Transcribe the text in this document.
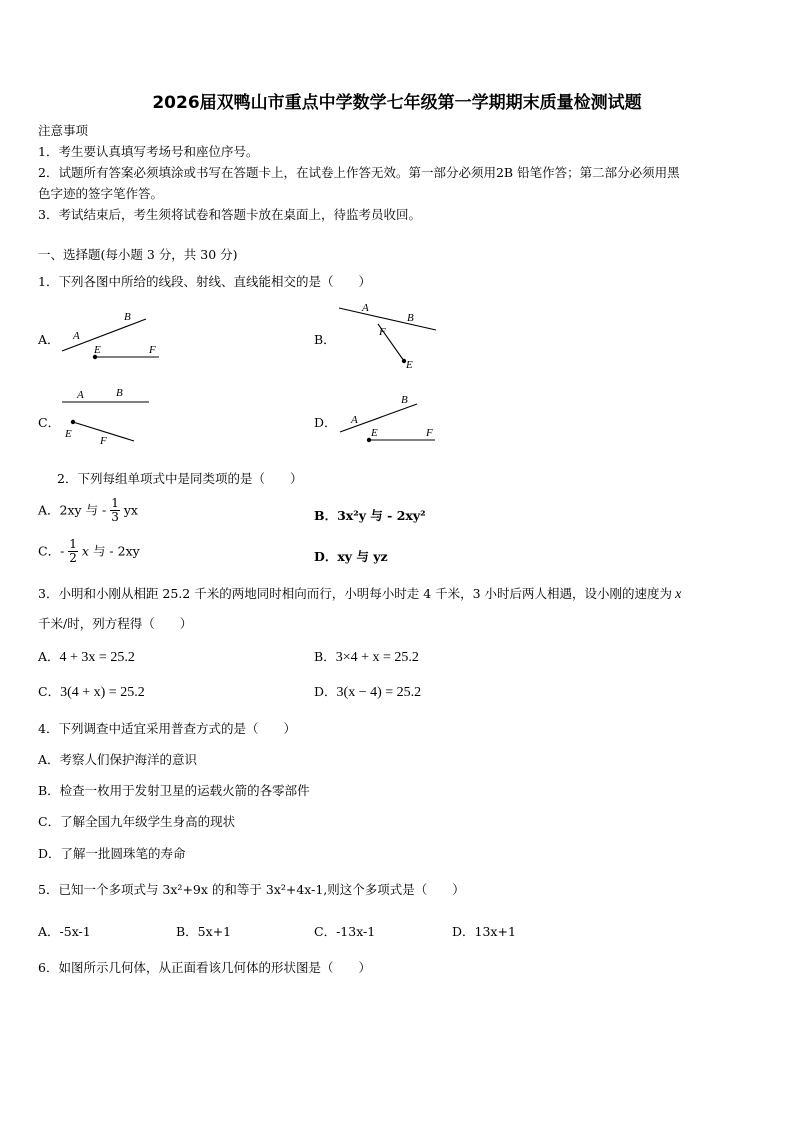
2026届双鸭山市重点中学数学七年级第一学期期末质量检测试题
注意事项
1．考生要认真填写考场号和座位序号。
2．试题所有答案必须填涂或书写在答题卡上，在试卷上作答无效。第一部分必须用2B 铅笔作答；第二部分必须用黑
色字迹的签字笔作答。
3．考试结束后，考生须将试卷和答题卡放在桌面上，待监考员收回。
一、选择题(每小题 3 分，共 30 分)
1．下列各图中所给的线段、射线、直线能相交的是（　　）
A． A
B
E	F
B．
A
B
F
E
C．
A	B
E
F
D． A
B
E	F
2．下列每组单项式中是同类项的是（　　）
A．2xy 与 - $\frac{1}{3}$ yx	B．3x²y 与 - 2xy²
C．- $\frac{1}{2}$ x 与 - 2xy	D．xy 与 yz
3．小明和小刚从相距 25.2 千米的两地同时相向而行，小明每小时走 4 千米，3 小时后两人相遇，设小刚的速度为 x
千米/时，列方程得（　　）
A．4 + 3x = 25.2	B．3×4 + x = 25.2
C．3(4 + x) = 25.2	D．3(x − 4) = 25.2
4．下列调查中适宜采用普查方式的是（　　）
A．考察人们保护海洋的意识
B．检查一枚用于发射卫星的运载火箭的各零部件
C．了解全国九年级学生身高的现状
D．了解一批圆珠笔的寿命
5．已知一个多项式与 3x²+9x 的和等于 3x²+4x-1,则这个多项式是（　　）
A．-5x-1	B．5x+1	C．-13x-1	D．13x+1
6．如图所示几何体，从正面看该几何体的形状图是（　　）
